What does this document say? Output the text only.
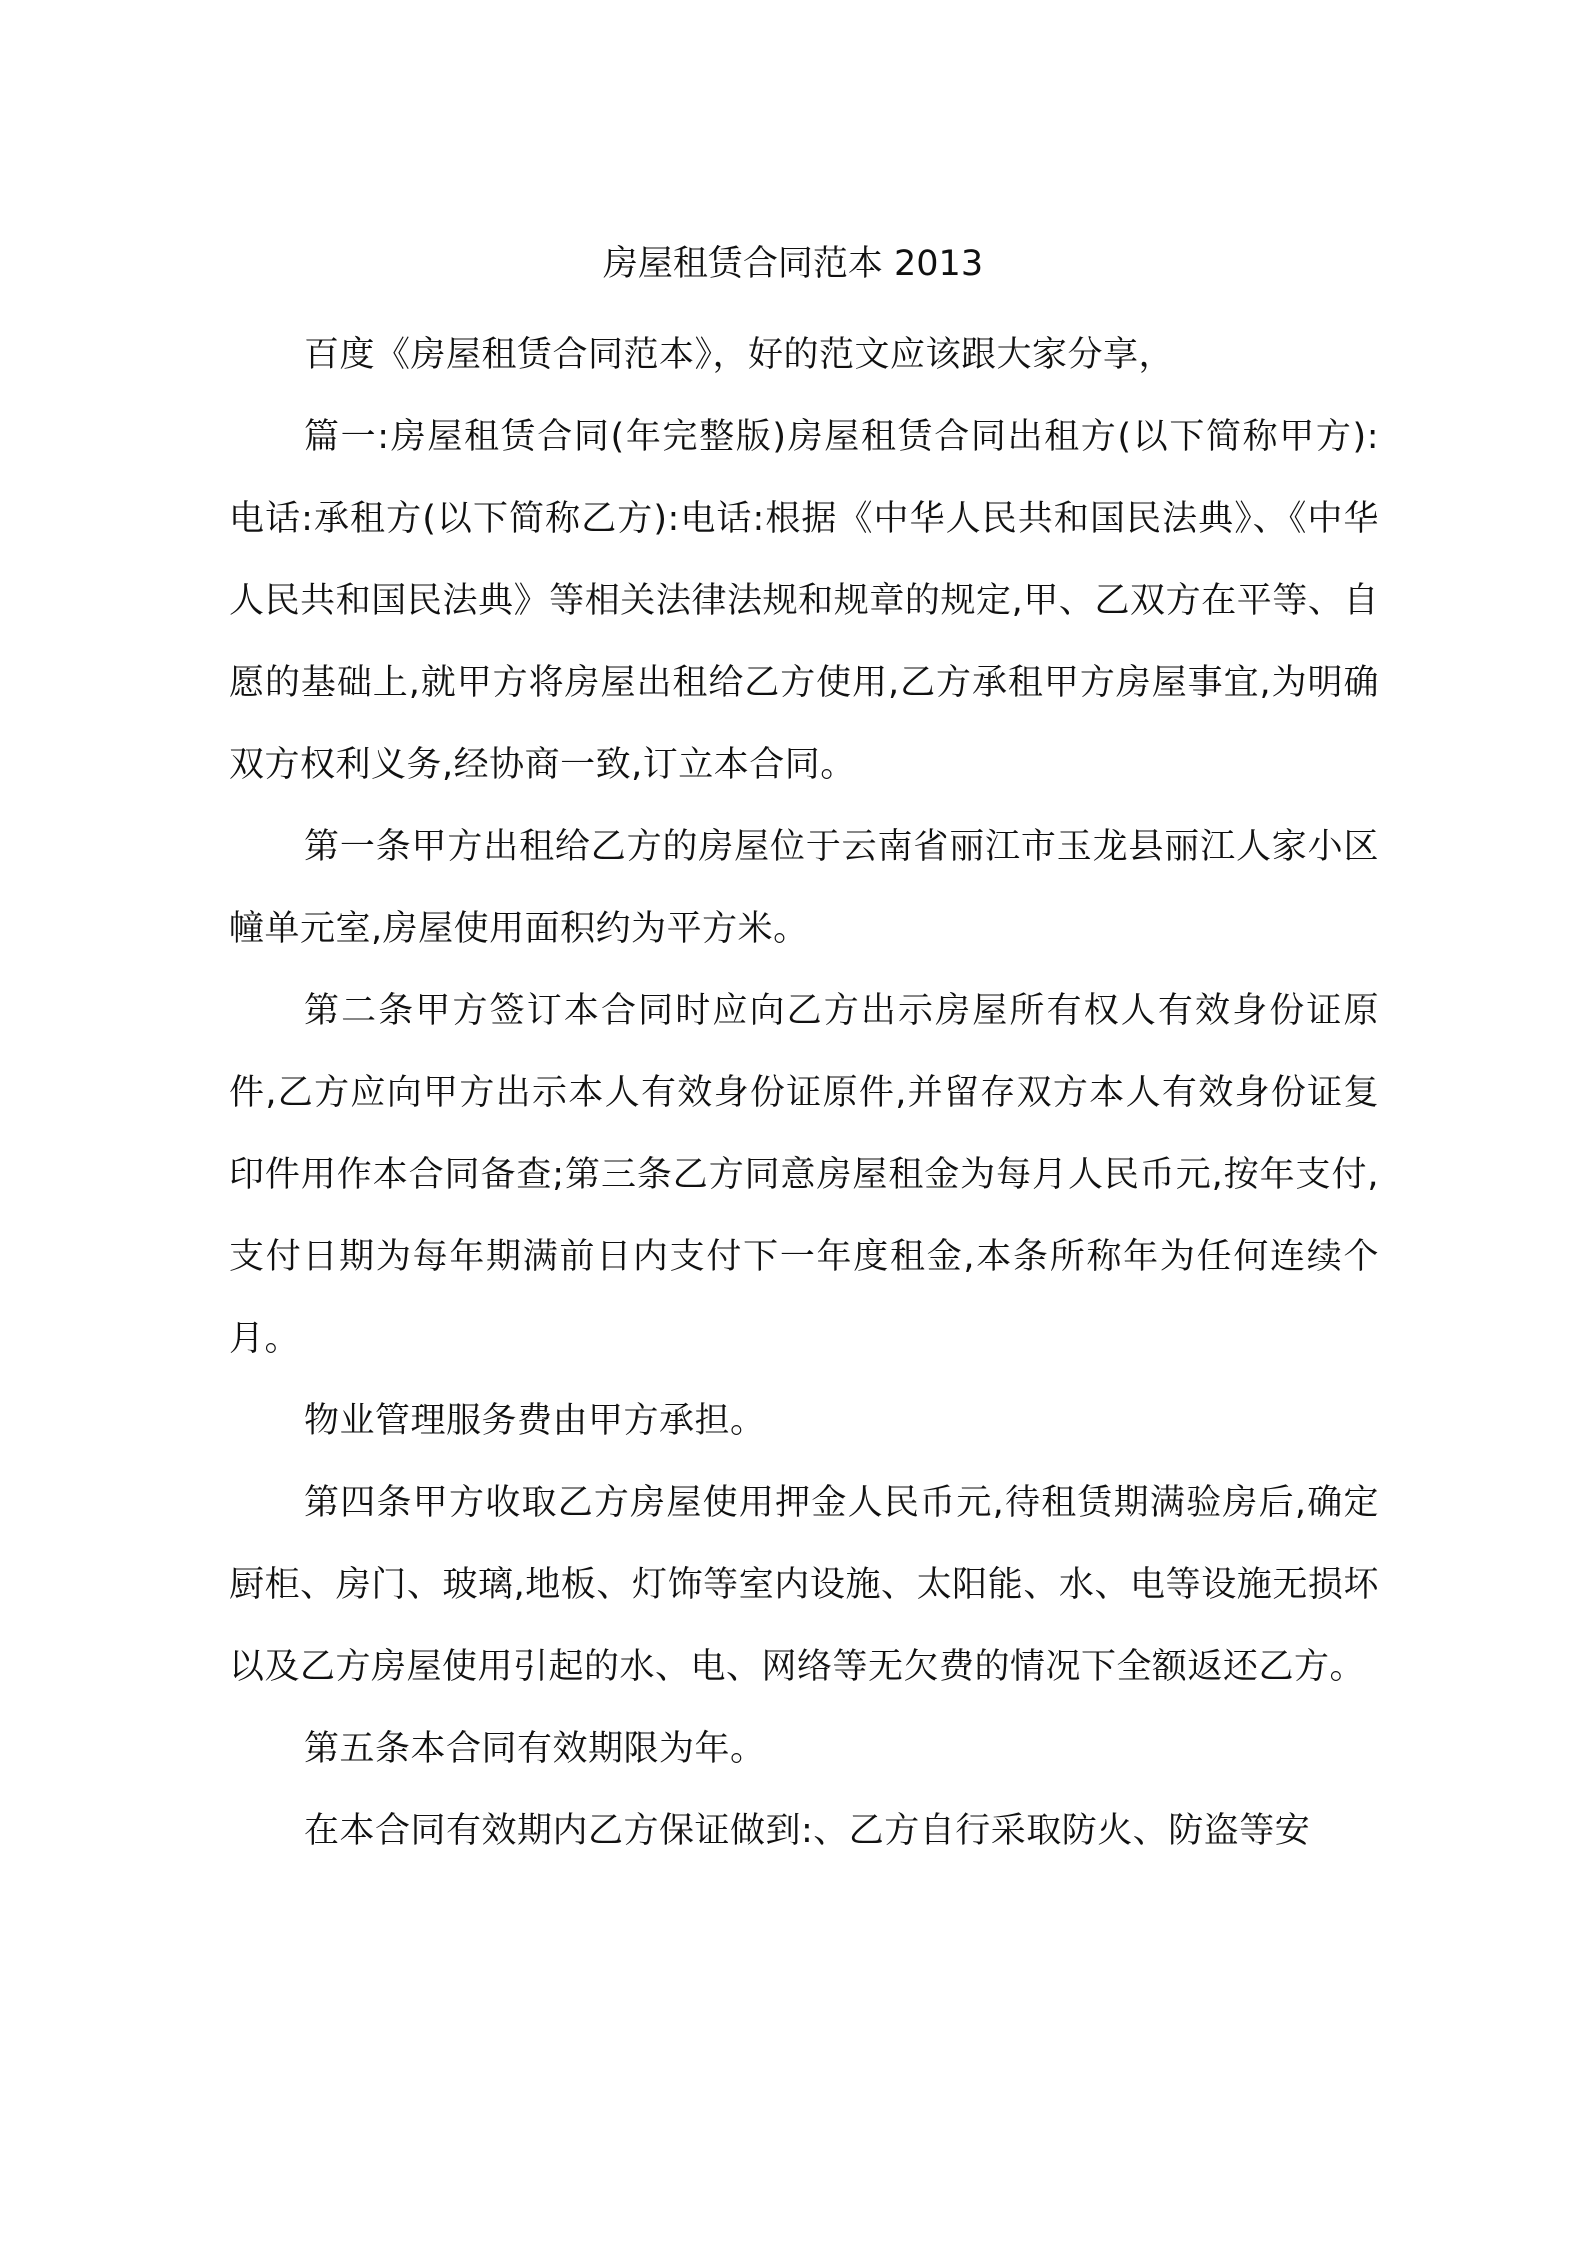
房屋租赁合同范本 2013

百度《房屋租赁合同范本》，好的范文应该跟大家分享，

篇一:房屋租赁合同(年完整版)房屋租赁合同出租方(以下简称甲方):电话:承租方(以下简称乙方):电话:根据《中华人民共和国民法典》、《中华人民共和国民法典》等相关法律法规和规章的规定,甲、乙双方在平等、自愿的基础上,就甲方将房屋出租给乙方使用,乙方承租甲方房屋事宜,为明确双方权利义务,经协商一致,订立本合同。

第一条甲方出租给乙方的房屋位于云南省丽江市玉龙县丽江人家小区幢单元室,房屋使用面积约为平方米。

第二条甲方签订本合同时应向乙方出示房屋所有权人有效身份证原件,乙方应向甲方出示本人有效身份证原件,并留存双方本人有效身份证复印件用作本合同备查;第三条乙方同意房屋租金为每月人民币元,按年支付,支付日期为每年期满前日内支付下一年度租金,本条所称年为任何连续个月。

物业管理服务费由甲方承担。

第四条甲方收取乙方房屋使用押金人民币元,待租赁期满验房后,确定厨柜、房门、玻璃,地板、灯饰等室内设施、太阳能、水、电等设施无损坏以及乙方房屋使用引起的水、电、网络等无欠费的情况下全额返还乙方。

第五条本合同有效期限为年。

在本合同有效期内乙方保证做到:、乙方自行采取防火、防盗等安
